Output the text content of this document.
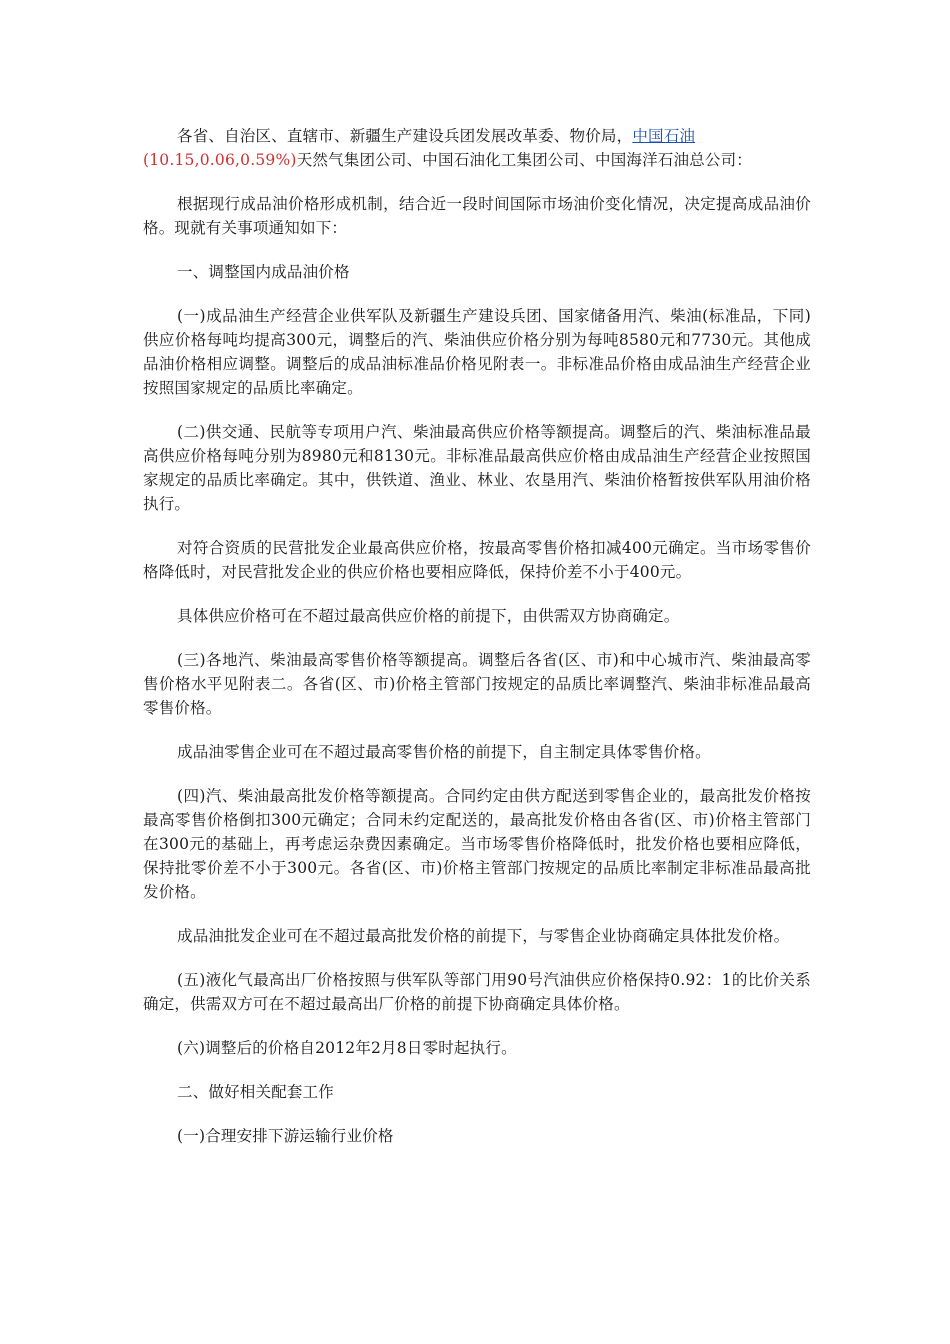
各省、自治区、直辖市、新疆生产建设兵团发展改革委、物价局，中国石油
(10.15,0.06,0.59%)天然气集团公司、中国石油化工集团公司、中国海洋石油总公司：

根据现行成品油价格形成机制，结合近一段时间国际市场油价变化情况，决定提高成品油价格。现就有关事项通知如下：

一、调整国内成品油价格

(一)成品油生产经营企业供军队及新疆生产建设兵团、国家储备用汽、柴油(标准品，下同)供应价格每吨均提高300元，调整后的汽、柴油供应价格分别为每吨8580元和7730元。其他成品油价格相应调整。调整后的成品油标准品价格见附表一。非标准品价格由成品油生产经营企业按照国家规定的品质比率确定。

(二)供交通、民航等专项用户汽、柴油最高供应价格等额提高。调整后的汽、柴油标准品最高供应价格每吨分别为8980元和8130元。非标准品最高供应价格由成品油生产经营企业按照国家规定的品质比率确定。其中，供铁道、渔业、林业、农垦用汽、柴油价格暂按供军队用油价格执行。

对符合资质的民营批发企业最高供应价格，按最高零售价格扣减400元确定。当市场零售价格降低时，对民营批发企业的供应价格也要相应降低，保持价差不小于400元。

具体供应价格可在不超过最高供应价格的前提下，由供需双方协商确定。

(三)各地汽、柴油最高零售价格等额提高。调整后各省(区、市)和中心城市汽、柴油最高零售价格水平见附表二。各省(区、市)价格主管部门按规定的品质比率调整汽、柴油非标准品最高零售价格。

成品油零售企业可在不超过最高零售价格的前提下，自主制定具体零售价格。

(四)汽、柴油最高批发价格等额提高。合同约定由供方配送到零售企业的，最高批发价格按最高零售价格倒扣300元确定；合同未约定配送的，最高批发价格由各省(区、市)价格主管部门在300元的基础上，再考虑运杂费因素确定。当市场零售价格降低时，批发价格也要相应降低，保持批零价差不小于300元。各省(区、市)价格主管部门按规定的品质比率制定非标准品最高批发价格。

成品油批发企业可在不超过最高批发价格的前提下，与零售企业协商确定具体批发价格。

(五)液化气最高出厂价格按照与供军队等部门用90号汽油供应价格保持0.92：1的比价关系确定，供需双方可在不超过最高出厂价格的前提下协商确定具体价格。

(六)调整后的价格自2012年2月8日零时起执行。

二、做好相关配套工作

(一)合理安排下游运输行业价格
